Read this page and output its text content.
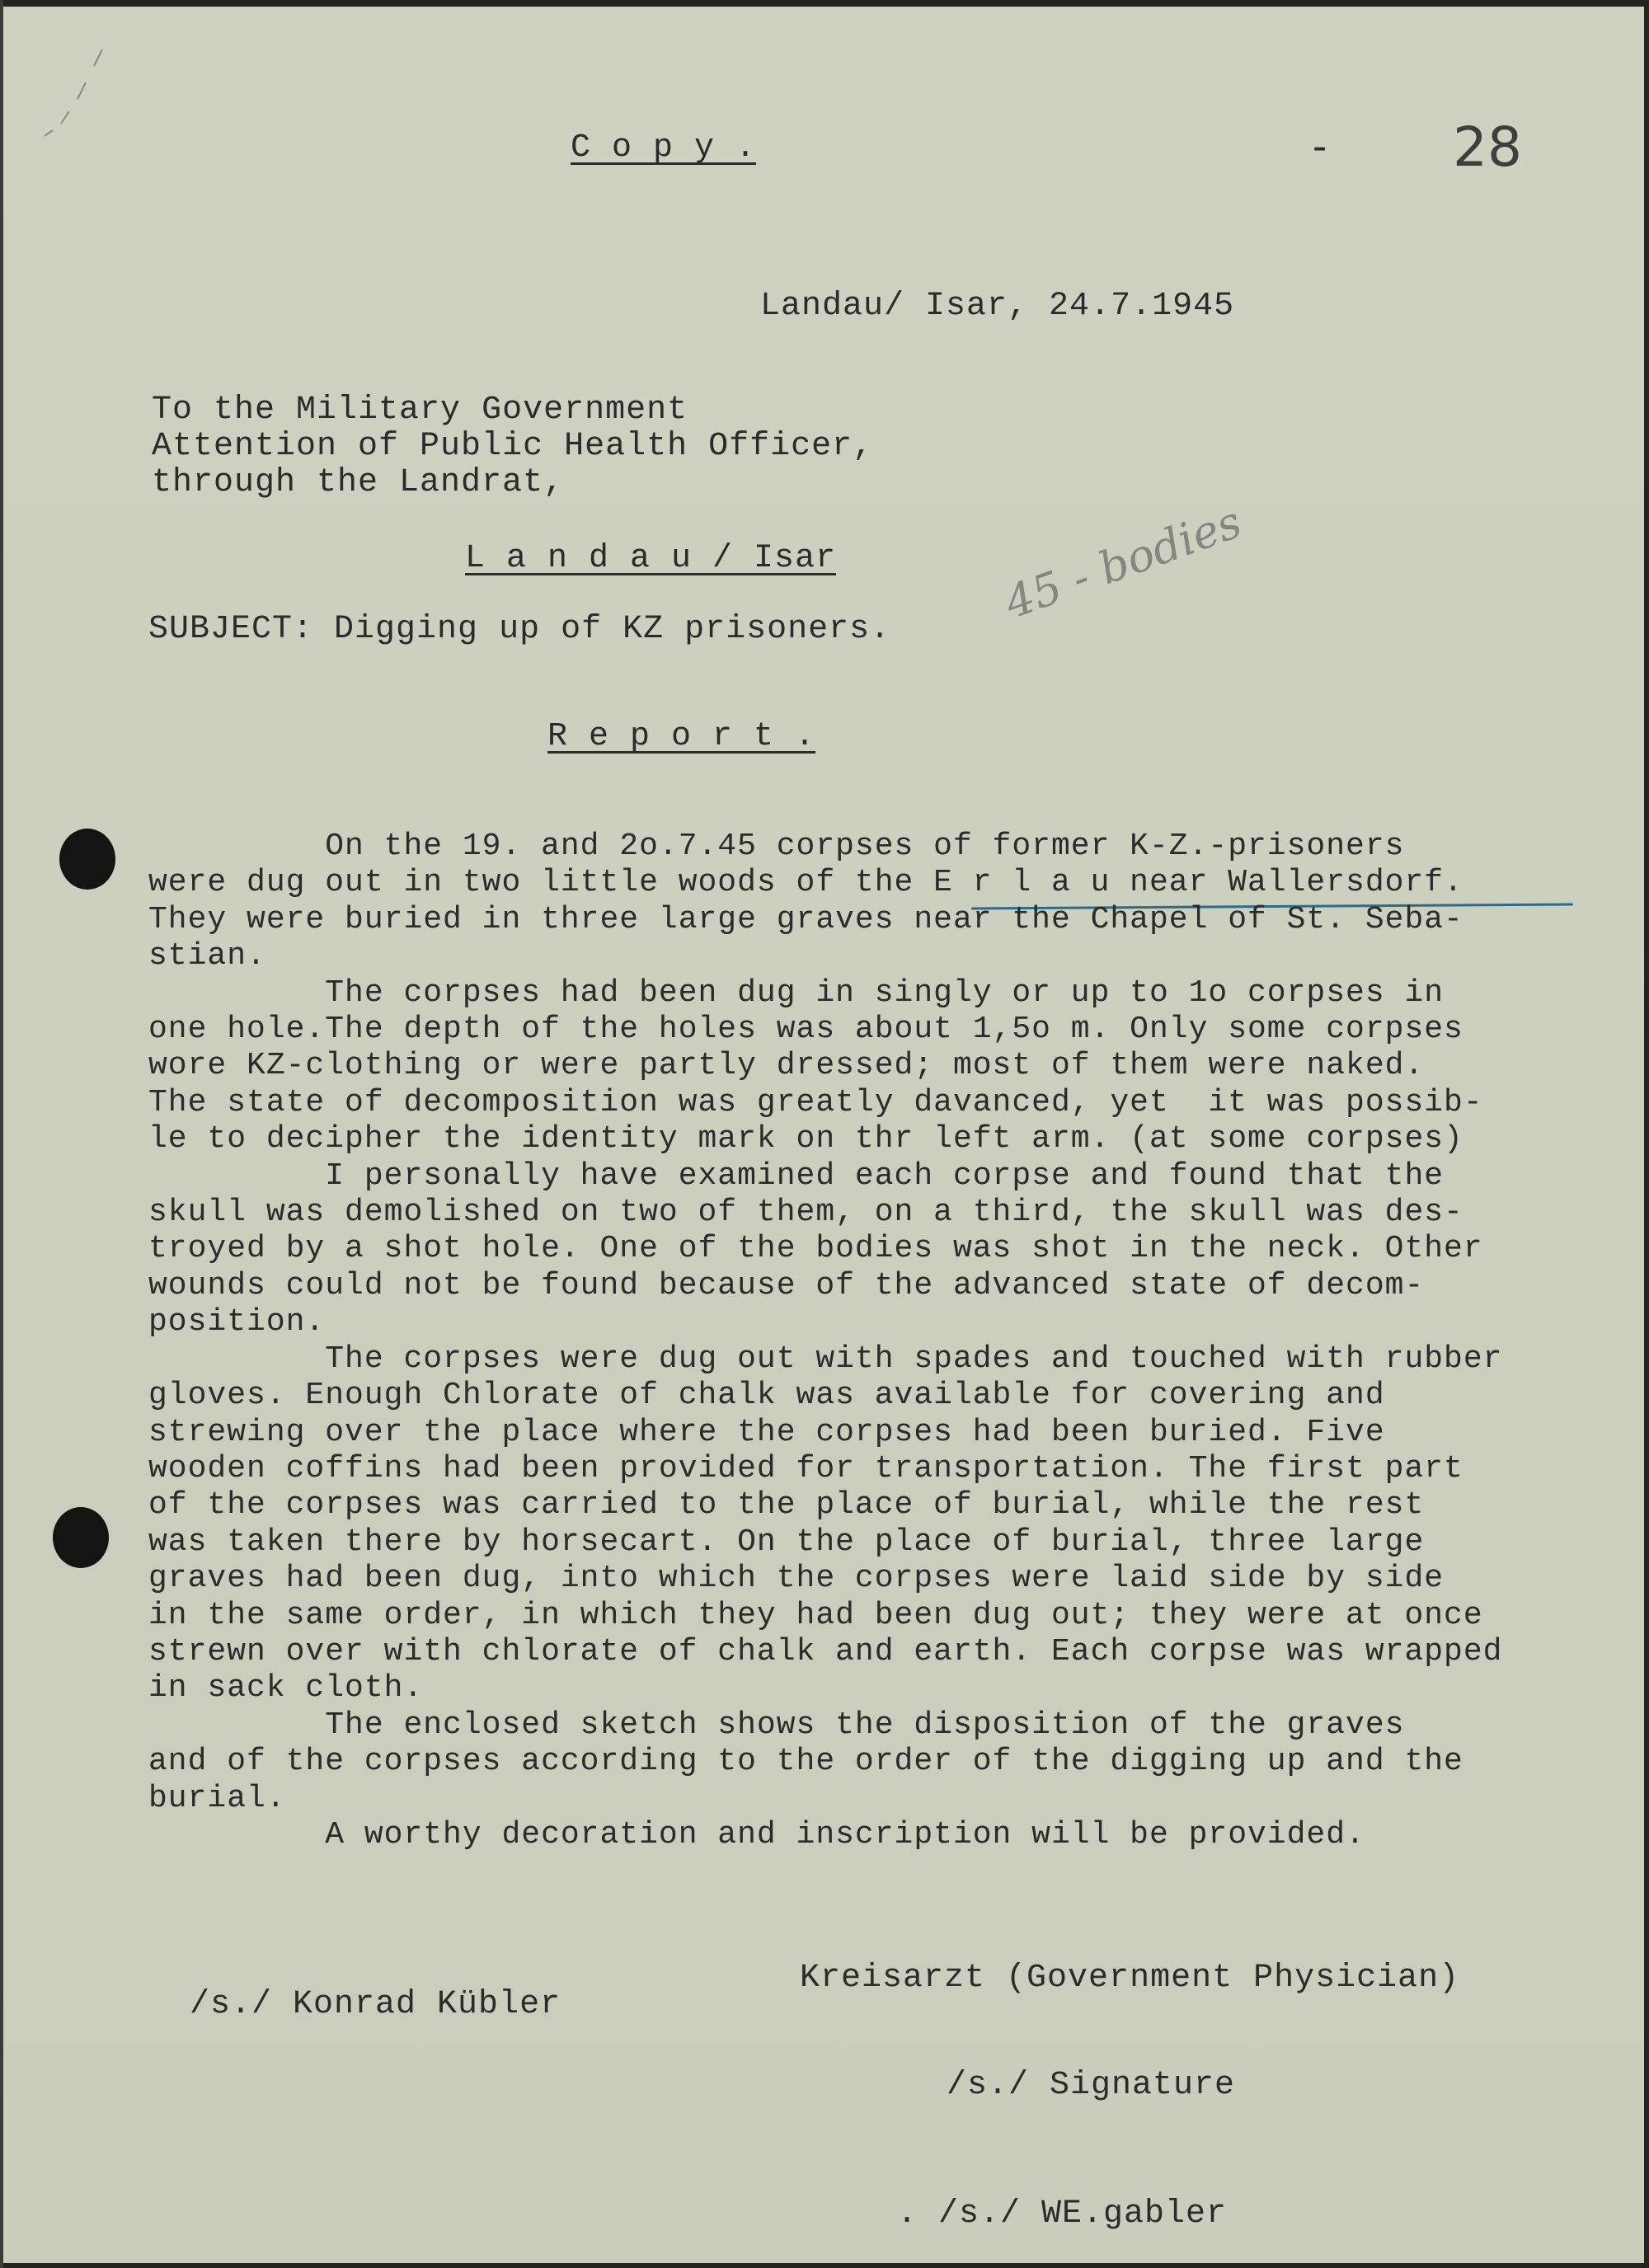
C o p y .	- 28
Landau/ Isar, 24.7.1945
To the Military Government
Attention of Public Health Officer,
through the Landrat,
L a n d a u / Isar
SUBJECT: Digging up of KZ prisoners.
45 - bodies
R e p o r t .
On the 19. and 2o.7.45 corpses of former K-Z.-prisoners
were dug out in two little woods of the E r l a u near Wallersdorf.
They were buried in three large graves near the Chapel of St. Seba-
stian.
The corpses had been dug in singly or up to 1o corpses in
one hole.The depth of the holes was about 1,5o m. Only some corpses
wore KZ-clothing or were partly dressed; most of them were naked.
The state of decomposition was greatly davanced, yet  it was possib-
le to decipher the identity mark on thr left arm. (at some corpses)
I personally have examined each corpse and found that the
skull was demolished on two of them, on a third, the skull was des-
troyed by a shot hole. One of the bodies was shot in the neck. Other
wounds could not be found because of the advanced state of decom-
position.
The corpses were dug out with spades and touched with rubber
gloves. Enough Chlorate of chalk was available for covering and
strewing over the place where the corpses had been buried. Five
wooden coffins had been provided for transportation. The first part
of the corpses was carried to the place of burial, while the rest
was taken there by horsecart. On the place of burial, three large
graves had been dug, into which the corpses were laid side by side
in the same order, in which they had been dug out; they were at once
strewn over with chlorate of chalk and earth. Each corpse was wrapped
in sack cloth.
The enclosed sketch shows the disposition of the graves
and of the corpses according to the order of the digging up and the
burial.
A worthy decoration and inscription will be provided.
Kreisarzt (Government Physician)
/s./ Konrad Kübler
/s./ Signature
. /s./ WE.gabler
